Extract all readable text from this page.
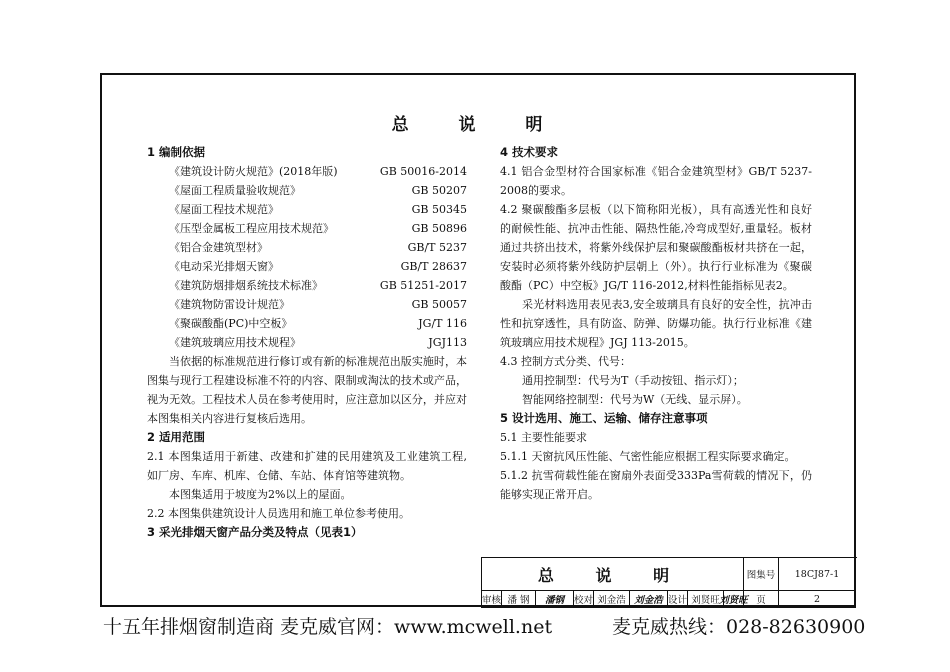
总 说 明
1 编制依据
《建筑设计防火规范》(2018年版)	GB 50016-2014
《屋面工程质量验收规范》	GB 50207
《屋面工程技术规范》	GB 50345
《压型金属板工程应用技术规范》	GB 50896
《铝合金建筑型材》	GB/T 5237
《电动采光排烟天窗》	GB/T 28637
《建筑防烟排烟系统技术标准》	GB 51251-2017
《建筑物防雷设计规范》	GB 50057
《聚碳酸酯(PC)中空板》	JG/T 116
《建筑玻璃应用技术规程》	JGJ113
当依据的标准规范进行修订或有新的标准规范出版实施时，本图集与现行工程建设标准不符的内容、限制或淘汰的技术或产品，视为无效。工程技术人员在参考使用时，应注意加以区分，并应对本图集相关内容进行复核后选用。
2 适用范围
2.1 本图集适用于新建、改建和扩建的民用建筑及工业建筑工程,如厂房、车库、机库、仓储、车站、体育馆等建筑物。
本图集适用于坡度为2%以上的屋面。
2.2 本图集供建筑设计人员选用和施工单位参考使用。
3 采光排烟天窗产品分类及特点（见表1）
4 技术要求
4.1 铝合金型材符合国家标准《铝合金建筑型材》GB/T 5237-2008的要求。
4.2 聚碳酸酯多层板（以下简称阳光板），具有高透光性和良好的耐候性能、抗冲击性能、隔热性能,冷弯成型好,重量轻。板材通过共挤出技术，将紫外线保护层和聚碳酸酯板材共挤在一起，安装时必须将紫外线防护层朝上（外）。执行行业标准为《聚碳酸酯（PC）中空板》JG/T 116-2012,材料性能指标见表2。
采光材料选用表见表3,安全玻璃具有良好的安全性，抗冲击性和抗穿透性，具有防盗、防弹、防爆功能。执行行业标准《建筑玻璃应用技术规程》JGJ 113-2015。
4.3 控制方式分类、代号：
通用控制型：代号为T（手动按钮、指示灯）；
智能网络控制型：代号为W（无线、显示屏）。
5 设计选用、施工、运输、储存注意事项
5.1 主要性能要求
5.1.1 天窗抗风压性能、气密性能应根据工程实际要求确定。
5.1.2 抗雪荷载性能在窗扇外表面受333Pa雪荷载的情况下，仍能够实现正常开启。
总 说 明	图集号	18CJ87-1
审核 潘 钢	潘钢	校对 刘金浩 刘金浩 设计 刘贤旺 刘贤旺 页	2
十五年排烟窗制造商 麦克威官网：www.mcwell.net	麦克威热线：028-82630900
